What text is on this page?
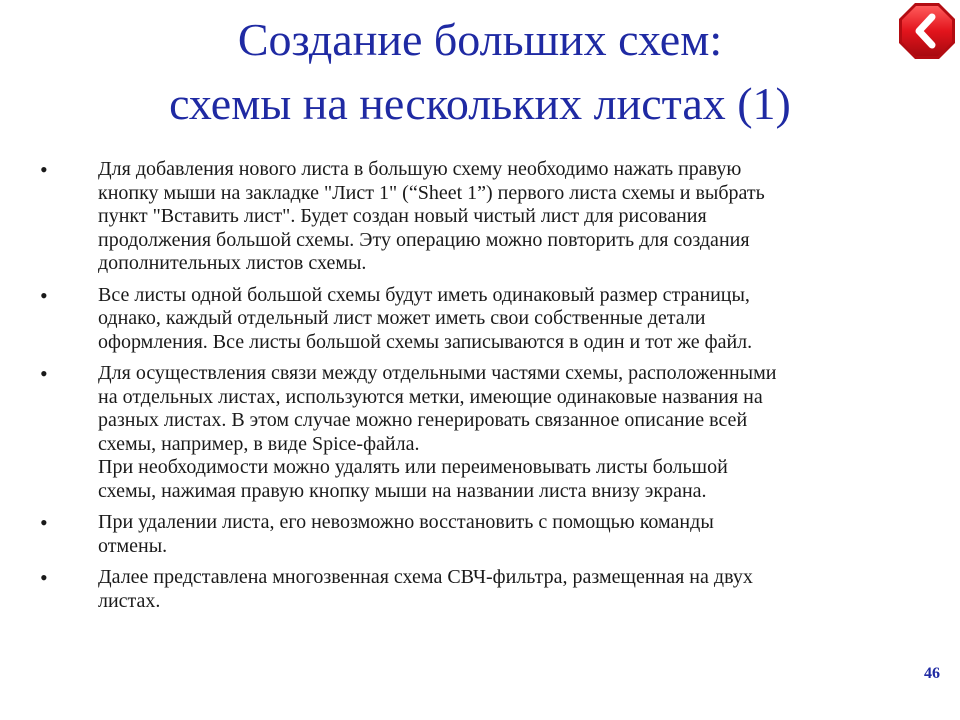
Создание больших схем:
схемы на нескольких листах (1)
•	Для добавления нового листа в большую схему необходимо нажать правую
кнопку мыши на закладке "Лист 1" (“Sheet 1”) первого листа схемы и выбрать
пункт "Вставить лист". Будет создан новый чистый лист для рисования
продолжения большой схемы. Эту операцию можно повторить для создания
дополнительных листов схемы.
•	Все листы одной большой схемы будут иметь одинаковый размер страницы,
однако, каждый отдельный лист может иметь свои собственные детали
оформления. Все листы большой схемы записываются в один и тот же файл.
•	Для осуществления связи между отдельными частями схемы, расположенными
на отдельных листах, используются метки, имеющие одинаковые названия на
разных листах. В этом случае можно генерировать связанное описание всей
схемы, например, в виде Spice-файла.
При необходимости можно удалять или переименовывать листы большой
схемы, нажимая правую кнопку мыши на названии листа внизу экрана.
•	При удалении листа, его невозможно восстановить с помощью команды
отмены.
•	Далее представлена многозвенная схема СВЧ-фильтра, размещенная на двух
листах.
46
